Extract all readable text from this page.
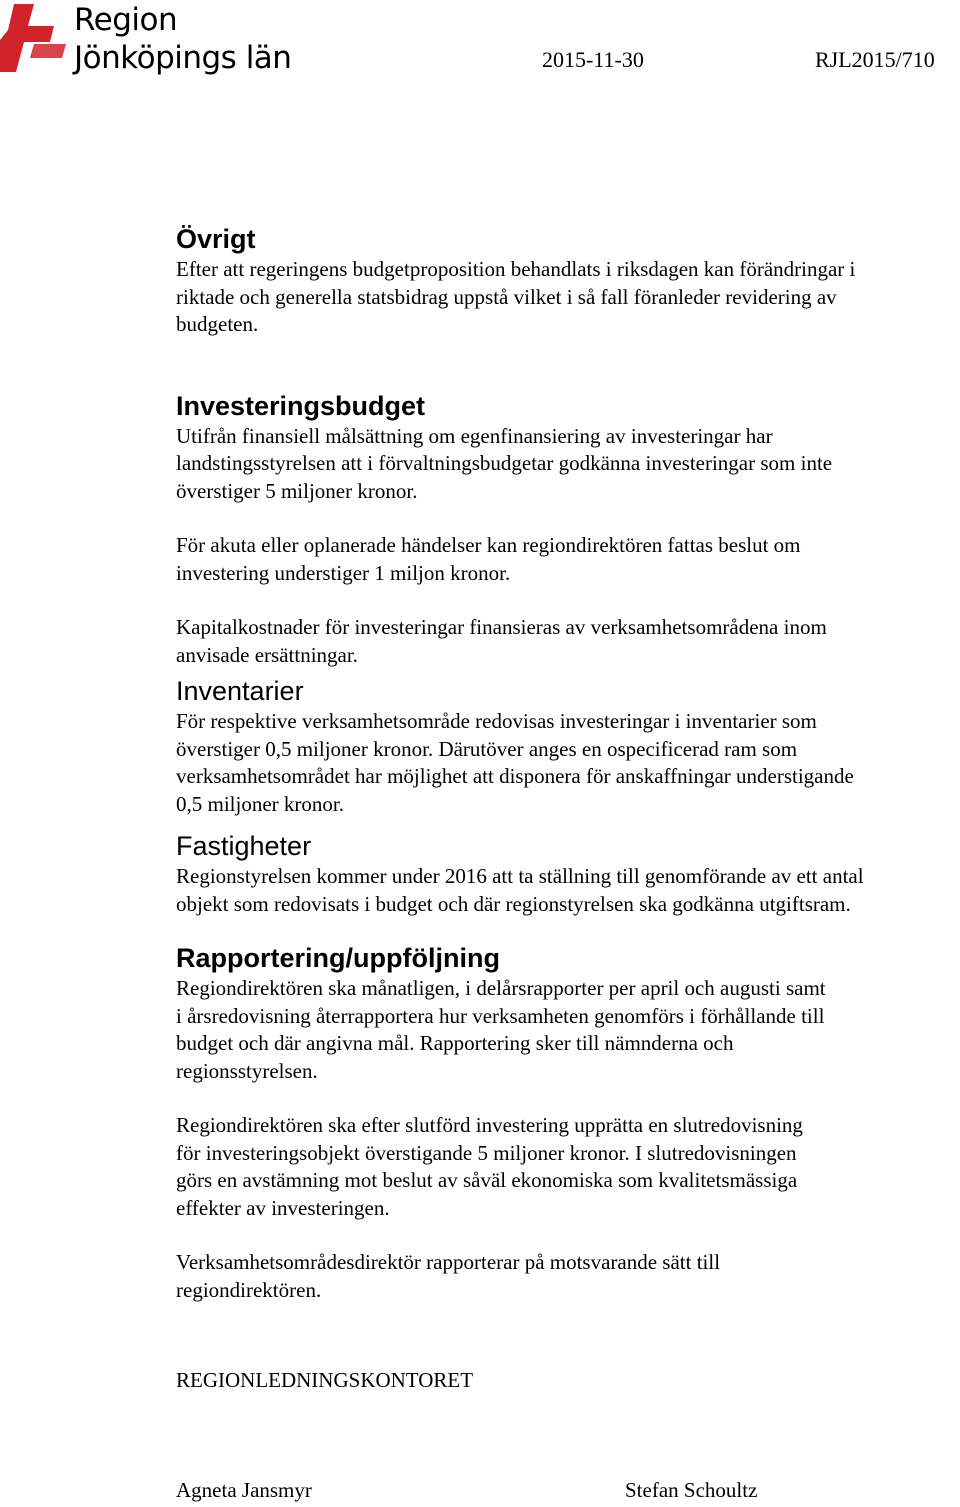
Region
Jönköpings län	2015-11-30	RJL2015/710
Övrigt

Efter att regeringens budgetproposition behandlats i riksdagen kan förändringar i

riktade och generella statsbidrag uppstå vilket i så fall föranleder revidering av

budgeten.

Investeringsbudget

Utifrån finansiell målsättning om egenfinansiering av investeringar har

landstingsstyrelsen att i förvaltningsbudgetar godkänna investeringar som inte

överstiger 5 miljoner kronor.

För akuta eller oplanerade händelser kan regiondirektören fattas beslut om

investering understiger 1 miljon kronor.

Kapitalkostnader för investeringar finansieras av verksamhetsområdena inom

anvisade ersättningar.

Inventarier

För respektive verksamhetsområde redovisas investeringar i inventarier som

överstiger 0,5 miljoner kronor. Därutöver anges en ospecificerad ram som

verksamhetsområdet har möjlighet att disponera för anskaffningar understigande

0,5 miljoner kronor.

Fastigheter

Regionstyrelsen kommer under 2016 att ta ställning till genomförande av ett antal

objekt som redovisats i budget och där regionstyrelsen ska godkänna utgiftsram.

Rapportering/uppföljning

Regiondirektören ska månatligen, i delårsrapporter per april och augusti samt

i årsredovisning återrapportera hur verksamheten genomförs i förhållande till

budget och där angivna mål. Rapportering sker till nämnderna och

regionsstyrelsen.

Regiondirektören ska efter slutförd investering upprätta en slutredovisning

för investeringsobjekt överstigande 5 miljoner kronor. I slutredovisningen

görs en avstämning mot beslut av såväl ekonomiska som kvalitetsmässiga

effekter av investeringen.

Verksamhetsområdesdirektör rapporterar på motsvarande sätt till

regiondirektören.

REGIONLEDNINGSKONTORET
Agneta Jansmyr	Stefan Schoultz
